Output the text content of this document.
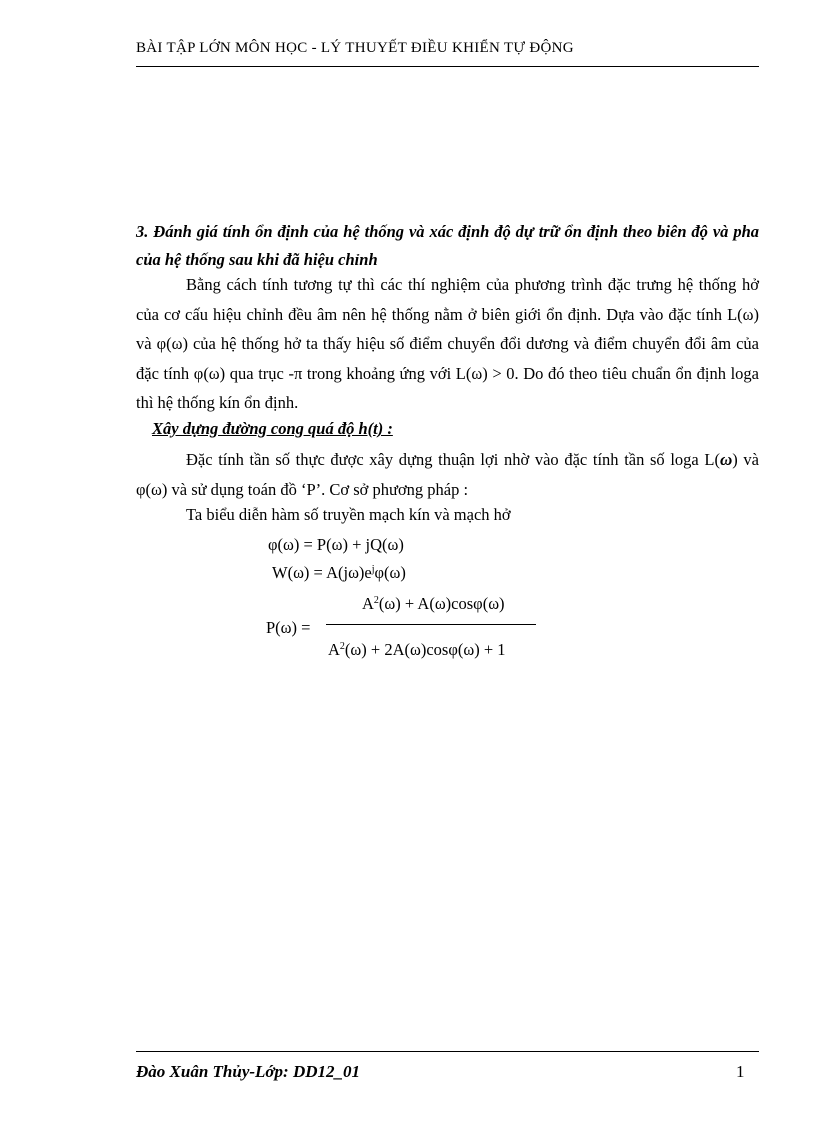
BÀI TẬP LỚN MÔN HỌC - LÝ THUYẾT ĐIỀU KHIỂN TỰ ĐỘNG
3. Đánh giá tính ổn định của hệ thống và xác định độ dự trữ ổn định theo biên độ và pha của hệ thống sau khi đã hiệu chỉnh
Bằng cách tính tương tự thì các thí nghiệm của phương trình đặc trưng hệ thống hở của cơ cấu hiệu chỉnh đều âm nên hệ thống nằm ở biên giới ổn định. Dựa vào đặc tính L(ω) và φ(ω) của hệ thống hở ta thấy hiệu số điểm chuyển đổi dương và điểm chuyển đổi âm của đặc tính φ(ω) qua trục -π trong khoảng ứng với L(ω) > 0. Do đó theo tiêu chuẩn ổn định loga thì hệ thống kín ổn định.
Xây dựng đường cong quá độ h(t) :
Đặc tính tần số thực được xây dựng thuận lợi nhờ vào đặc tính tần số loga L(ω) và φ(ω) và sử dụng toán đồ ‘P’. Cơ sở phương pháp :
Ta biểu diễn hàm số truyền mạch kín và mạch hở
φ(ω) = P(ω) + jQ(ω)
$W(\omega) = A(j\omega)e^j\varphi(\omega)$
P(ω) =
$A^2(\omega) + A(\omega)\cos\varphi(\omega)$
$A^2(\omega) + 2A(\omega)\cos\varphi(\omega) + 1$
Đào Xuân Thủy-Lớp: DD12_01	1
